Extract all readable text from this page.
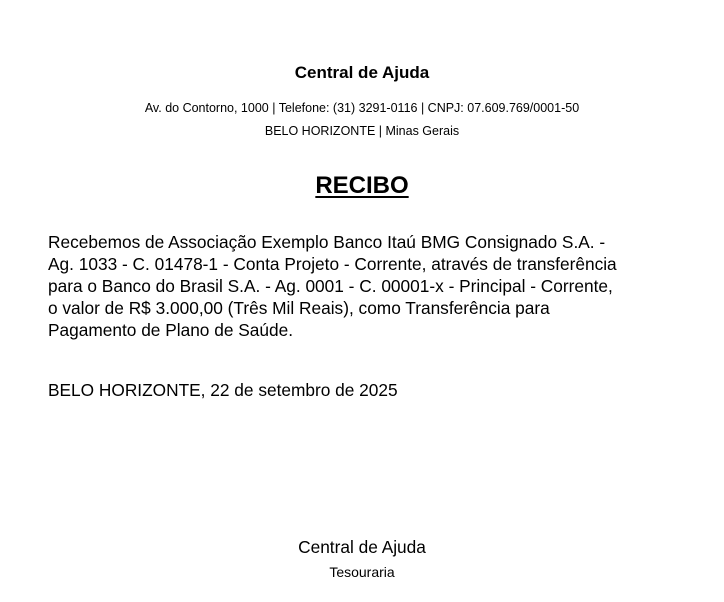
Central de Ajuda
Av. do Contorno, 1000 | Telefone: (31) 3291-0116 | CNPJ: 07.609.769/0001-50
BELO HORIZONTE | Minas Gerais
RECIBO
Recebemos de Associação Exemplo Banco Itaú BMG Consignado S.A. -
Ag. 1033 - C. 01478-1 - Conta Projeto - Corrente, através de transferência
para o Banco do Brasil S.A. - Ag. 0001 - C. 00001-x - Principal - Corrente,
o valor de R$ 3.000,00 (Três Mil Reais), como Transferência para
Pagamento de Plano de Saúde.
BELO HORIZONTE, 22 de setembro de 2025
Central de Ajuda
Tesouraria
